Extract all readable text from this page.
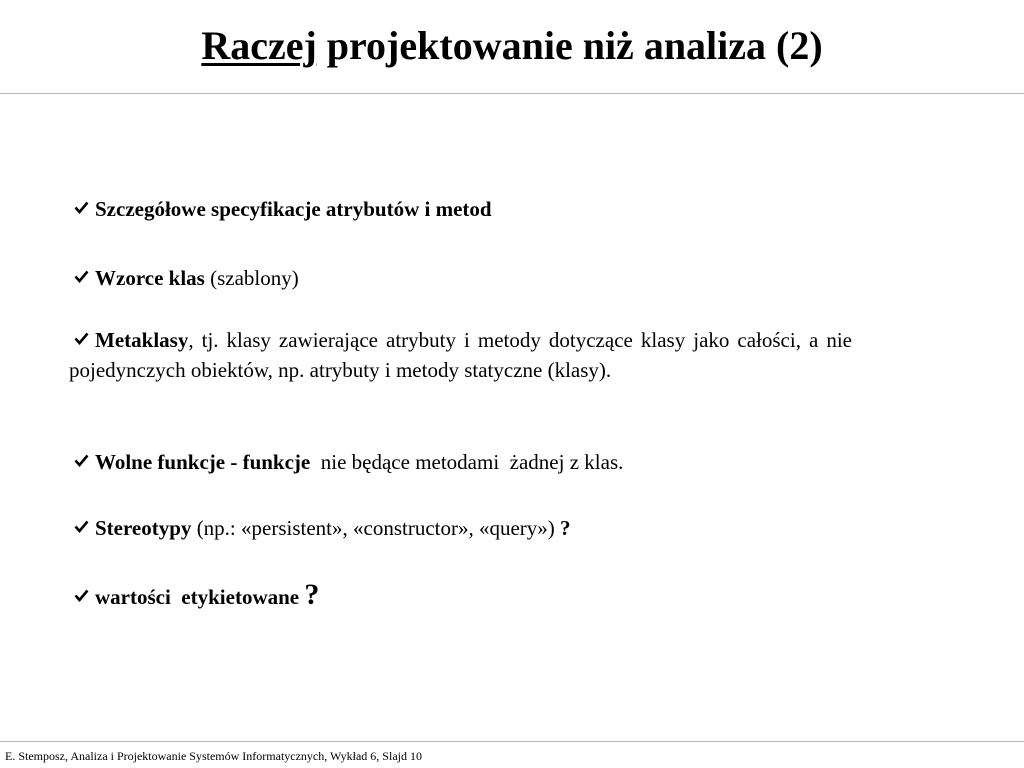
Raczej projektowanie niż analiza (2)

Szczegółowe specyfikacje atrybutów i metod

Wzorce klas (szablony)

Metaklasy, tj. klasy zawierające atrybuty i metody dotyczące klasy jako całości, a nie pojedynczych obiektów, np. atrybuty i metody statyczne (klasy).

Wolne funkcje - funkcje  nie będące metodami  żadnej z klas.

Stereotypy (np.: «persistent», «constructor», «query») ?

wartości  etykietowane ?

E. Stemposz, Analiza i Projektowanie Systemów Informatycznych, Wykład 6, Slajd 10
